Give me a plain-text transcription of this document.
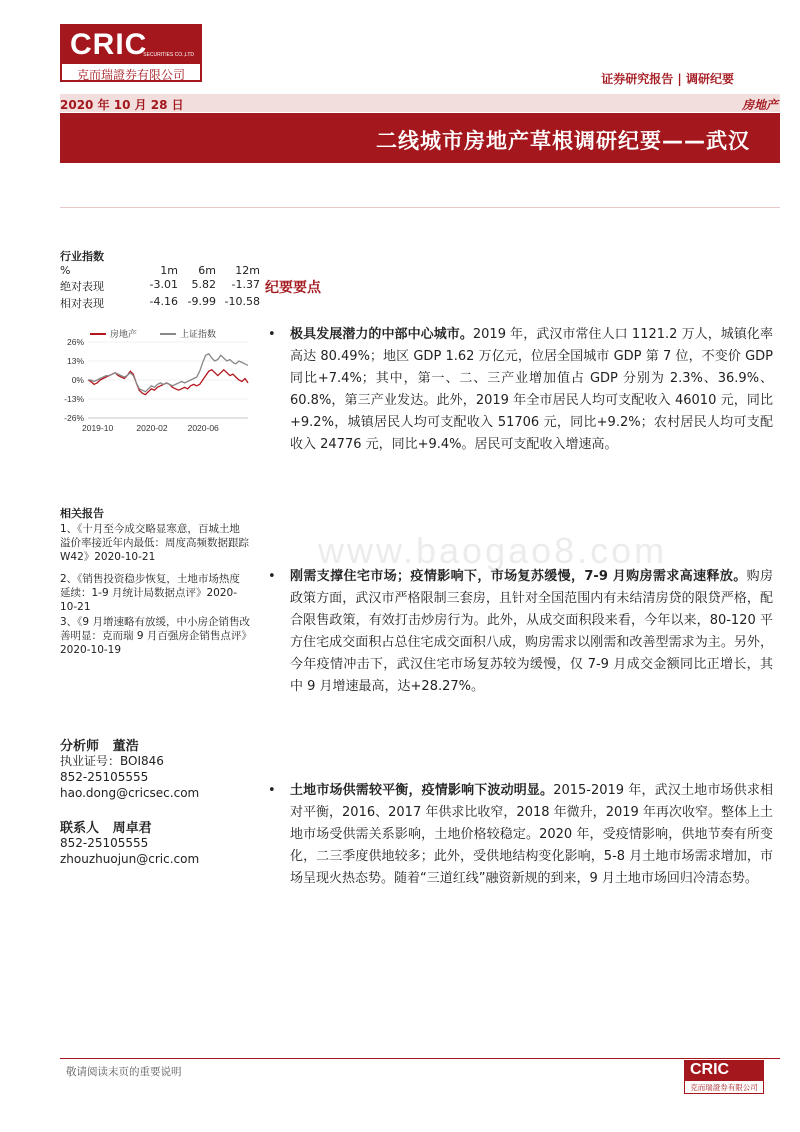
CRIC
SECURITIES CO.,LTD
克而瑞證券有限公司	证券研究报告 | 调研纪要
2020 年 10 月 28 日	房地产
二线城市房地产草根调研纪要——武汉
行业指数
%	1m	6m	12m
绝对表现	-3.01	5.82	-1.37
相对表现	-4.16 -9.99 -10.58
26%
13%
0%
-13%
-26%
2019-10	2020-02 2020-06
房地产	上证指数
相关报告
1、《十月至今成交略显寒意，百城土地溢价率接近年内最低：周度高频数据跟踪 W42》2020-10-21
2、《销售投资稳步恢复，土地市场热度延续：1-9 月统计局数据点评》2020-10-21
3、《9 月增速略有放缓，中小房企销售改善明显：克而瑞 9 月百强房企销售点评》2020-10-19
分析师   董浩
执业证号：BOI846
852-25105555
hao.dong@cricsec.com
联系人   周卓君
852-25105555
zhouzhuojun@cric.com
纪要要点
www.baogao8.com
• 极具发展潜力的中部中心城市。2019 年，武汉市常住人口 1121.2 万人，城镇化率高达 80.49%；地区 GDP 1.62 万亿元，位居全国城市 GDP 第 7 位，不变价 GDP 同比+7.4%；其中，第一、二、三产业增加值占 GDP 分别为 2.3%、36.9%、60.8%，第三产业发达。此外，2019 年全市居民人均可支配收入 46010 元，同比+9.2%，城镇居民人均可支配收入 51706 元，同比+9.2%；农村居民人均可支配收入 24776 元，同比+9.4%。居民可支配收入增速高。
• 刚需支撑住宅市场；疫情影响下，市场复苏缓慢，7-9 月购房需求高速释放。购房政策方面，武汉市严格限制三套房，且针对全国范围内有未结清房贷的限贷严格，配合限售政策，有效打击炒房行为。此外，从成交面积段来看，今年以来，80-120 平方住宅成交面积占总住宅成交面积八成，购房需求以刚需和改善型需求为主。另外，今年疫情冲击下，武汉住宅市场复苏较为缓慢，仅 7-9 月成交金额同比正增长，其中 9 月增速最高，达+28.27%。
• 土地市场供需较平衡，疫情影响下波动明显。2015-2019 年，武汉土地市场供求相对平衡，2016、2017 年供求比收窄，2018 年微升，2019 年再次收窄。整体上土地市场受供需关系影响，土地价格较稳定。2020 年，受疫情影响，供地节奏有所变化，二三季度供地较多；此外，受供地结构变化影响，5-8 月土地市场需求增加，市场呈现火热态势。随着“三道红线”融资新规的到来，9 月土地市场回归冷清态势。
敬请阅读末页的重要说明	CRIC
克而瑞證券有限公司
